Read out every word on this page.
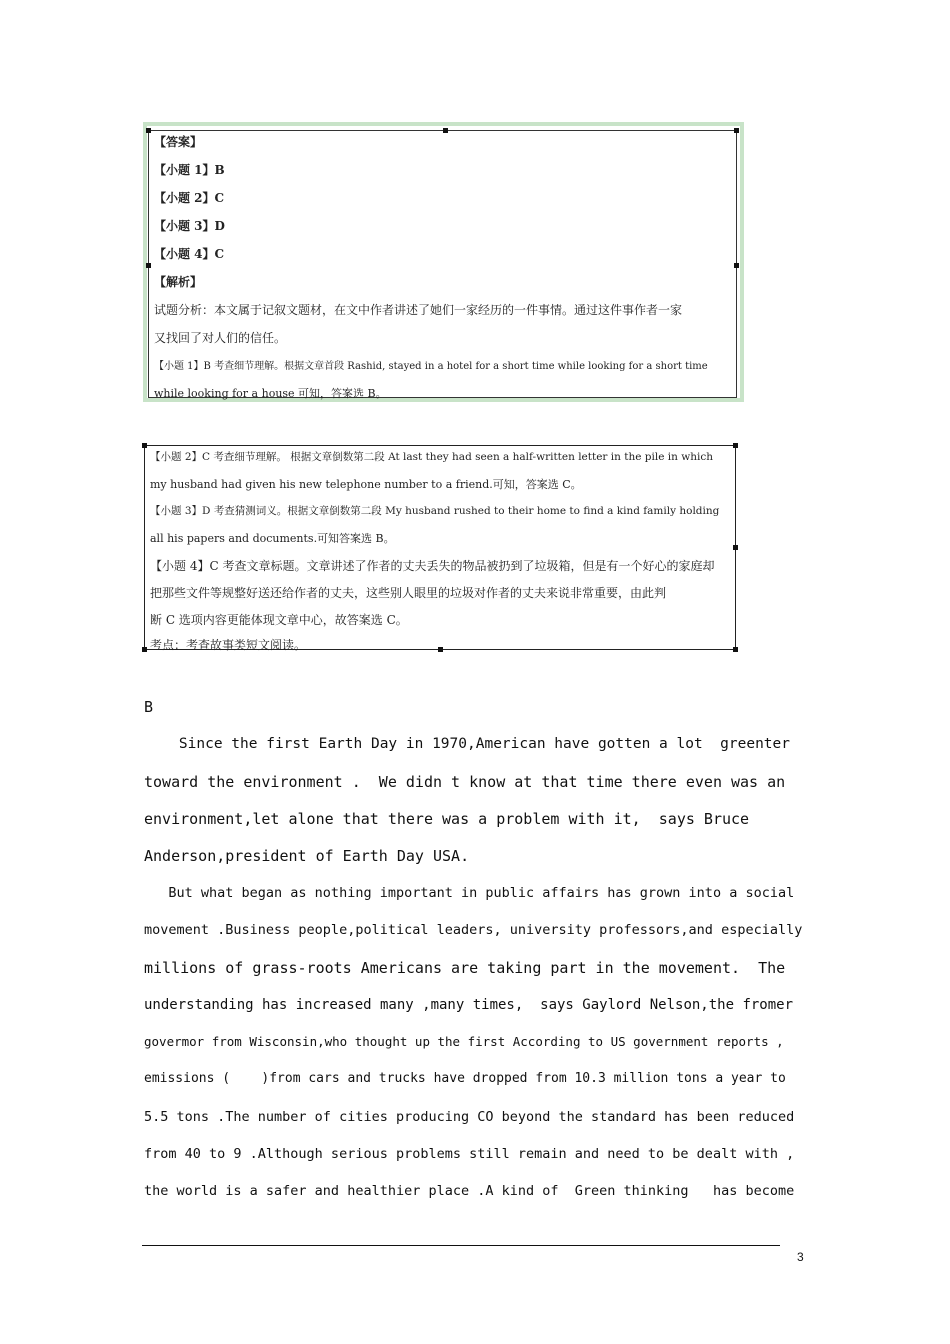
【答案】
【小题 1】B
【小题 2】C
【小题 3】D
【小题 4】C
【解析】
试题分析：本文属于记叙文题材，在文中作者讲述了她们一家经历的一件事情。通过这件事作者一家
又找回了对人们的信任。
【小题 1】B 考查细节理解。根据文章首段 Rashid, stayed in a hotel for a short time while looking for a short time
while looking for a house 可知，答案选 B。
【小题 2】C 考查细节理解。 根据文章倒数第二段 At last they had seen a half-written letter in the pile in which
my husband had given his new telephone number to a friend.可知，答案选 C。
【小题 3】D 考查猜测词义。根据文章倒数第二段 My husband rushed to their home to find a kind family holding
all his papers and documents.可知答案选 B。
【小题 4】C 考查文章标题。文章讲述了作者的丈夫丢失的物品被扔到了垃圾箱，但是有一个好心的家庭却
把那些文件等规整好送还给作者的丈夫，这些别人眼里的垃圾对作者的丈夫来说非常重要，由此判
断 C 选项内容更能体现文章中心，故答案选 C。
考点：考查故事类短文阅读。
B
Since the first Earth Day in 1970,American have gotten a lot  greenter
toward the environment .  We didn t know at that time there even was an
environment,let alone that there was a problem with it,  says Bruce
Anderson,president of Earth Day USA.
But what began as nothing important in public affairs has grown into a social
movement .Business people,political leaders, university professors,and especially
millions of grass-roots Americans are taking part in the movement.  The
understanding has increased many ,many times,  says Gaylord Nelson,the fromer
govermor from Wisconsin,who thought up the first According to US government reports ,
emissions (    )from cars and trucks have dropped from 10.3 million tons a year to
5.5 tons .The number of cities producing CO beyond the standard has been reduced
from 40 to 9 .Although serious problems still remain and need to be dealt with ,
the world is a safer and healthier place .A kind of  Green thinking   has become
3
